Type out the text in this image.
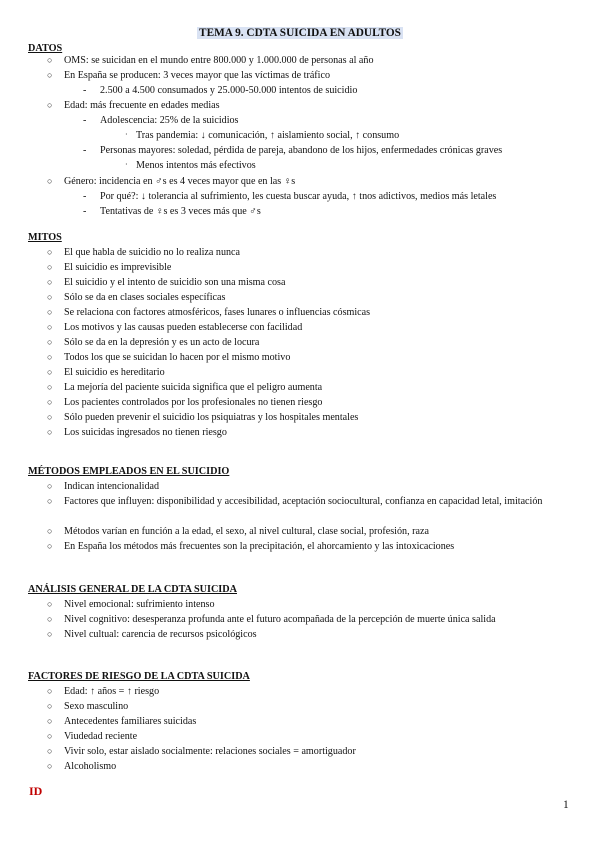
TEMA 9. CDTA SUICIDA EN ADULTOS
DATOS
○ OMS: se suicidan en el mundo entre 800.000 y 1.000.000 de personas al año
○ En España se producen: 3 veces mayor que las víctimas de tráfico
- 2.500 a 4.500 consumados y 25.000-50.000 intentos de suicidio
○ Edad: más frecuente en edades medias
- Adolescencia: 25% de la suicidios
· Tras pandemia: ↓ comunicación, ↑ aislamiento social, ↑ consumo
- Personas mayores: soledad, pérdida de pareja, abandono de los hijos, enfermedades crónicas graves
· Menos intentos más efectivos
○ Género: incidencia en ♂s es 4 veces mayor que en las ♀s
- Por qué?: ↓ tolerancia al sufrimiento, les cuesta buscar ayuda, ↑ tnos adictivos, medios más letales
- Tentativas de ♀s es 3 veces más que ♂s
MITOS
○ El que habla de suicidio no lo realiza nunca
○ El suicidio es imprevisible
○ El suicidio y el intento de suicidio son una misma cosa
○ Sólo se da en clases sociales específicas
○ Se relaciona con factores atmosféricos, fases lunares o influencias cósmicas
○ Los motivos y las causas pueden establecerse con facilidad
○ Sólo se da en la depresión y es un acto de locura
○ Todos los que se suicidan lo hacen por el mismo motivo
○ El suicidio es hereditario
○ La mejoría del paciente suicida significa que el peligro aumenta
○ Los pacientes controlados por los profesionales no tienen riesgo
○ Sólo pueden prevenir el suicidio los psiquiatras y los hospitales mentales
○ Los suicidas ingresados no tienen riesgo
MÉTODOS EMPLEADOS EN EL SUICIDIO
○ Indican intencionalidad
○ Factores que influyen: disponibilidad y accesibilidad, aceptación sociocultural, confianza en capacidad letal, imitación
○ Métodos varían en función a la edad, el sexo, al nivel cultural, clase social, profesión, raza
○ En España los métodos más frecuentes son la precipitación, el ahorcamiento y las intoxicaciones
ANÁLISIS GENERAL DE LA CDTA SUICIDA
○ Nivel emocional: sufrimiento intenso
○ Nivel cognitivo: desesperanza profunda ante el futuro acompañada de la percepción de muerte única salida
○ Nivel cultual: carencia de recursos psicológicos
FACTORES DE RIESGO DE LA CDTA SUICIDA
○ Edad: ↑ años = ↑ riesgo
○ Sexo masculino
○ Antecedentes familiares suicidas
○ Viudedad reciente
○ Vivir solo, estar aislado socialmente: relaciones sociales = amortiguador
○ Alcoholismo
ID
1
